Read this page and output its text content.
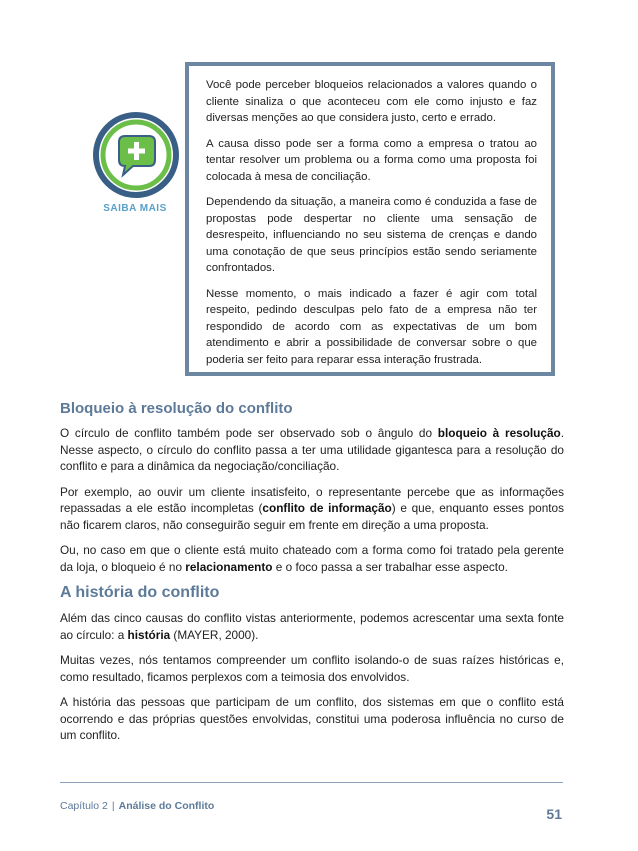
SAIBA MAIS

Você pode perceber bloqueios relacionados a valores quando o cliente sinaliza o que aconteceu com ele como injusto e faz diversas menções ao que considera justo, certo e errado.

A causa disso pode ser a forma como a empresa o tratou ao tentar resolver um problema ou a forma como uma proposta foi colocada à mesa de conciliação.

Dependendo da situação, a maneira como é conduzida a fase de propostas pode despertar no cliente uma sensação de desrespeito, influenciando no seu sistema de crenças e dando uma conotação de que seus princípios estão sendo seriamente confrontados.

Nesse momento, o mais indicado a fazer é agir com total respeito, pedindo desculpas pelo fato de a empresa não ter respondido de acordo com as expectativas de um bom atendimento e abrir a possibilidade de conversar sobre o que poderia ser feito para reparar essa interação frustrada.

Bloqueio à resolução do conflito

O círculo de conflito também pode ser observado sob o ângulo do bloqueio à resolução. Nesse aspecto, o círculo do conflito passa a ter uma utilidade gigantesca para a resolução do conflito e para a dinâmica da negociação/conciliação.

Por exemplo, ao ouvir um cliente insatisfeito, o representante percebe que as informações repassadas a ele estão incompletas (conflito de informação) e que, enquanto esses pontos não ficarem claros, não conseguirão seguir em frente em direção a uma proposta.

Ou, no caso em que o cliente está muito chateado com a forma como foi tratado pela gerente da loja, o bloqueio é no relacionamento e o foco passa a ser trabalhar esse aspecto.

A história do conflito

Além das cinco causas do conflito vistas anteriormente, podemos acrescentar uma sexta fonte ao círculo: a história (MAYER, 2000).

Muitas vezes, nós tentamos compreender um conflito isolando-o de suas raízes históricas e, como resultado, ficamos perplexos com a teimosia dos envolvidos.

A história das pessoas que participam de um conflito, dos sistemas em que o conflito está ocorrendo e das próprias questões envolvidas, constitui uma poderosa influência no curso de um conflito.

Capítulo 2 | Análise do Conflito	51
